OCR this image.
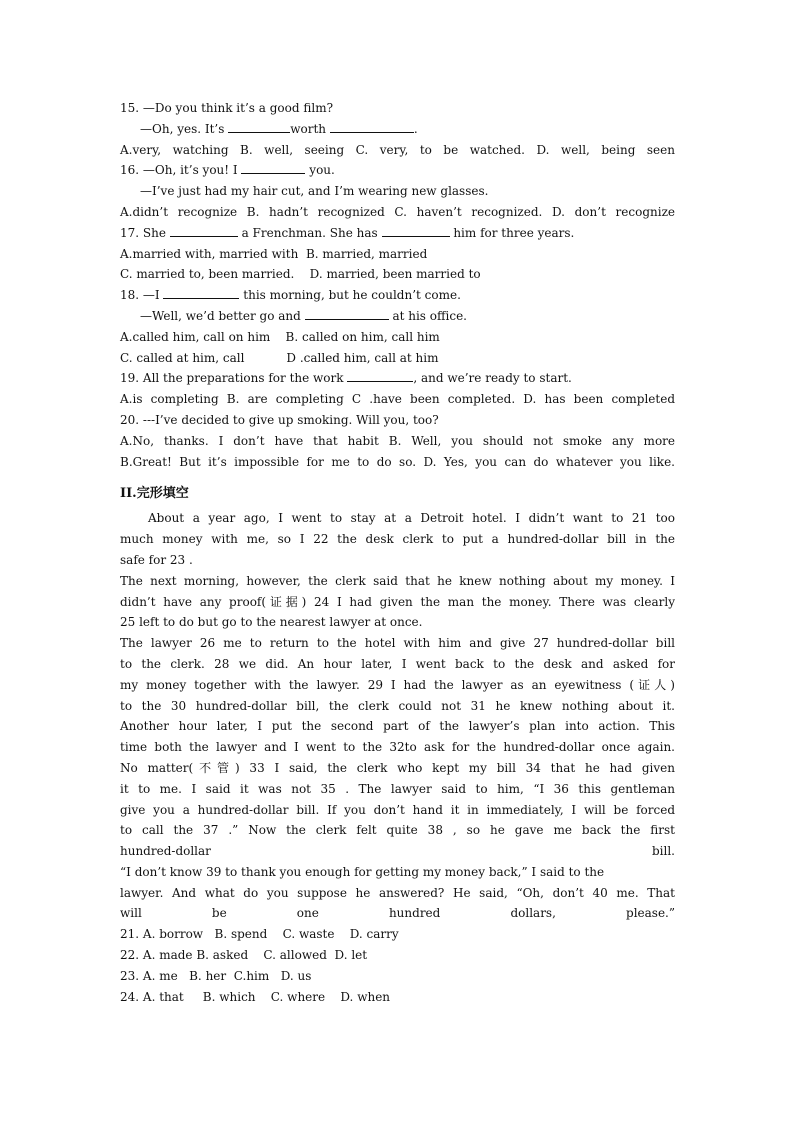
15. —Do you think it’s a good film?
—Oh, yes. It’s	worth	.
A.very, watching B. well, seeing C. very, to be watched. D. well, being seen
16. —Oh, it’s you! I	you.
—I’ve just had my hair cut, and I’m wearing new glasses.
A.didn’t recognize B. hadn’t recognized C. haven’t recognized. D. don’t recognize
17. She	a Frenchman. She has	him for three years.
A.married with, married with  B. married, married
C. married to, been married.    D. married, been married to
18. —I	this morning, but he couldn’t come.
—Well, we’d better go and	at his office.
A.called him, call on him    B. called on him, call him
C. called at him, call           D .called him, call at him
19. All the preparations for the work	, and we’re ready to start.
A.is completing B. are completing C .have been completed. D. has been completed
20. ---I’ve decided to give up smoking. Will you, too?
A.No, thanks. I don’t have that habit B. Well, you should not smoke any more
B.Great! But it’s impossible for me to do so. D. Yes, you can do whatever you like.
II.完形填空
About a year ago, I went to stay at a Detroit hotel. I didn’t want to 21 too
much money with me, so I 22 the desk clerk to put a hundred-dollar bill in the
safe for 23 .
The next morning, however, the clerk said that he knew nothing about my money. I
didn’t have any proof(证据) 24 I had given the man the money. There was clearly
25 left to do but go to the nearest lawyer at once.
The lawyer 26 me to return to the hotel with him and give 27 hundred-dollar bill
to the clerk. 28 we did. An hour later, I went back to the desk and asked for
my money together with the lawyer. 29 I had the lawyer as an eyewitness (证人)
to the 30 hundred-dollar bill, the clerk could not 31 he knew nothing about it.
Another hour later, I put the second part of the lawyer’s plan into action. This
time both the lawyer and I went to the 32to ask for the hundred-dollar once again.
No matter(不管) 33 I said, the clerk who kept my bill 34 that he had given
it to me. I said it was not 35 . The lawyer said to him, “I 36 this gentleman
give you a hundred-dollar bill. If you don’t hand it in immediately, I will be forced
to call the 37 .” Now the clerk felt quite 38 , so he gave me back the first
hundred-dollar bill.
“I don’t know 39 to thank you enough for getting my money back,” I said to the
lawyer. And what do you suppose he answered? He said, “Oh, don’t 40 me. That
will be one hundred dollars, please.”
21. A. borrow   B. spend    C. waste    D. carry
22. A. made B. asked    C. allowed  D. let
23. A. me   B. her  C.him   D. us
24. A. that     B. which    C. where    D. when
